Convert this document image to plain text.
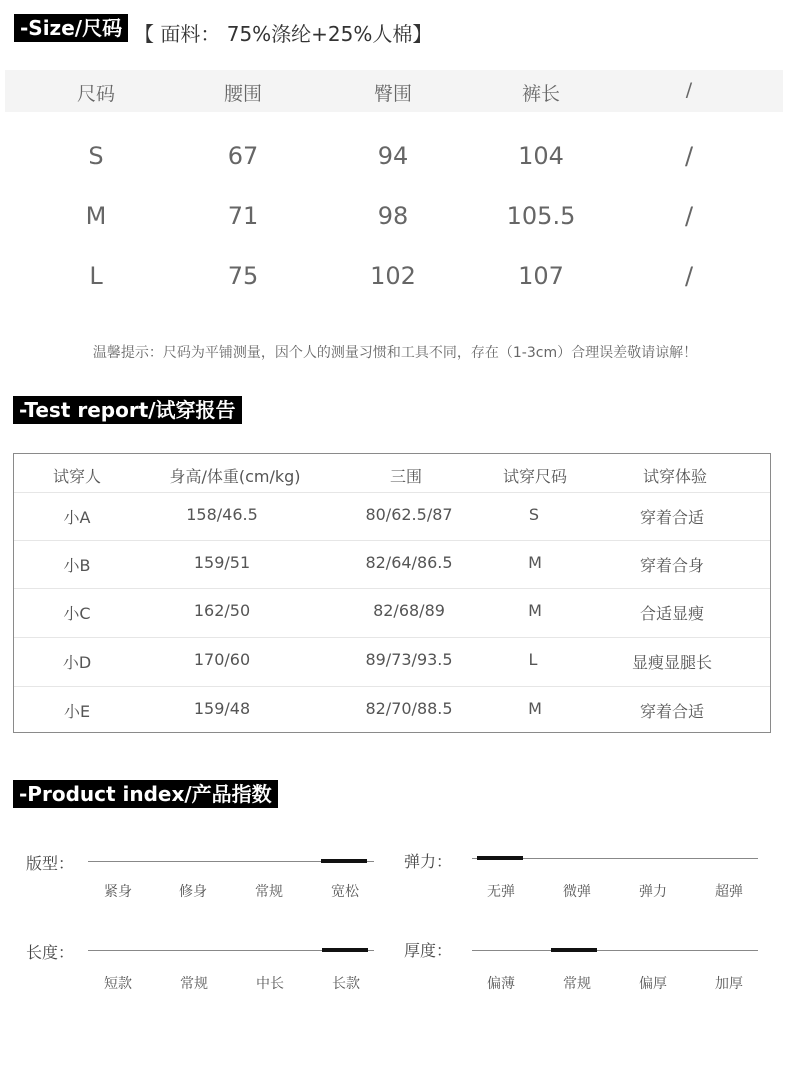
-Size/尺码 【 面料： 75%涤纶+25%人棉】
尺码	腰围	臀围	裤长	/
S	67	94	104	/
M	71	98	105.5	/
L	75	102	107	/
温馨提示：尺码为平铺测量，因个人的测量习惯和工具不同，存在（1-3cm）合理误差敬请谅解！
-Test report/试穿报告
试穿人	身高/体重(cm/kg)	三围	试穿尺码	试穿体验
小A	158/46.5	80/62.5/87	S	穿着合适
小B	159/51	82/64/86.5	M	穿着合身
小C	162/50	82/68/89	M	合适显瘦
小D	170/60	89/73/93.5	L	显瘦显腿长
小E	159/48	82/70/88.5	M	穿着合适
-Product index/产品指数
版型：
紧身	修身	常规	宽松
弹力：
无弹	微弹	弹力	超弹
长度：
短款	常规	中长	长款
厚度：
偏薄	常规	偏厚	加厚
